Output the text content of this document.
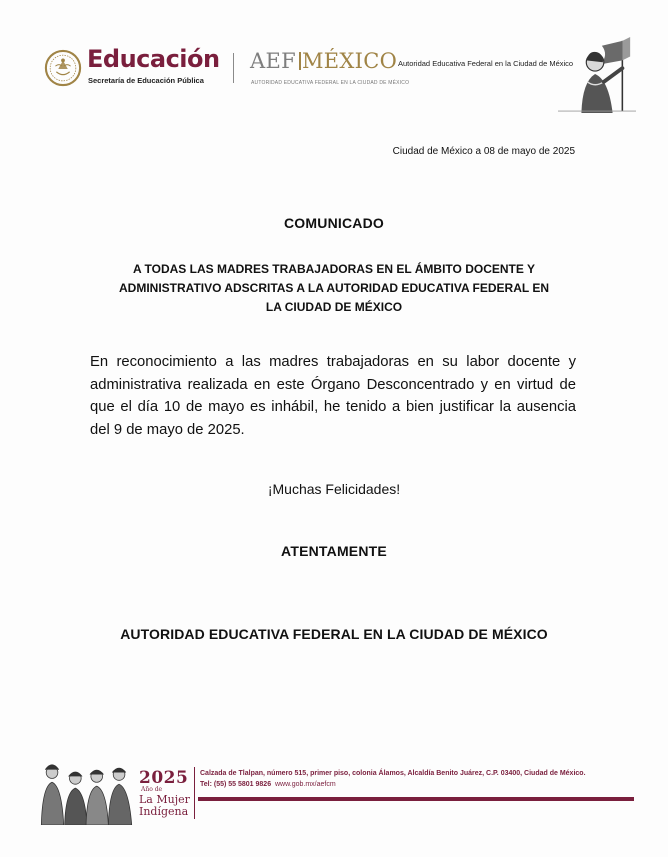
Educación
Secretaría de Educación Pública
AEF MÉXICO
AUTORIDAD EDUCATIVA FEDERAL EN LA CIUDAD DE MÉXICO
Autoridad Educativa Federal en la Ciudad de México
Ciudad de México a 08 de mayo de 2025
COMUNICADO
A TODAS LAS MADRES TRABAJADORAS EN EL ÁMBITO DOCENTE Y
ADMINISTRATIVO ADSCRITAS A LA AUTORIDAD EDUCATIVA FEDERAL EN
LA CIUDAD DE MÉXICO

En reconocimiento a las madres trabajadoras en su labor docente y administrativa realizada en este Órgano Desconcentrado y en virtud de que el día 10 de mayo es inhábil, he tenido a bien justificar la ausencia del 9 de mayo de 2025.

¡Muchas Felicidades!
ATENTAMENTE
AUTORIDAD EDUCATIVA FEDERAL EN LA CIUDAD DE MÉXICO
2025
Año de
La Mujer
Indígena
Calzada de Tlalpan, número 515, primer piso, colonia Álamos, Alcaldía Benito Juárez, C.P. 03400, Ciudad de México.
Tel: (55) 55 5801 9826 www.gob.mx/aefcm
